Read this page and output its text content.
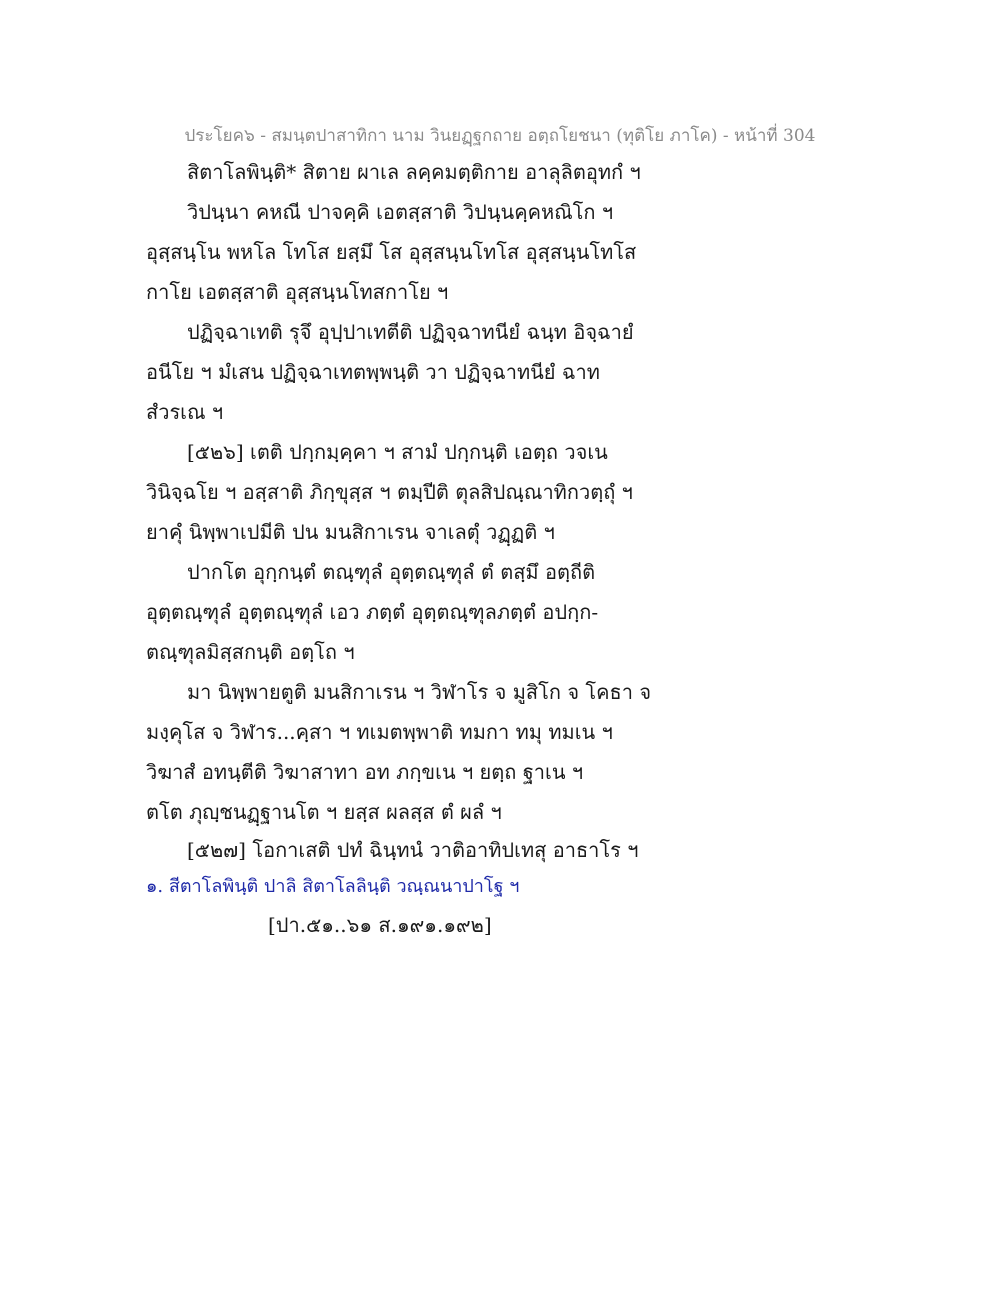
ประโยค๖ - สมนฺตปาสาทิกา นาม วินยฏฺฐกถาย อตฺถโยชนา (ทุติโย ภาโค) - หน้าที่ 304
สิตาโลพินฺติ* สิตาย ผาเล ลคฺคมตฺติกาย อาลุลิตอุทกํ ฯ
วิปนฺนา คหณี ปาจคฺคิ เอตสฺสาติ วิปนฺนคฺคหณิโก ฯ
อุสฺสนฺโน พหโล โทโส ยสฺมึ โส อุสฺสนฺนโทโส อุสฺสนฺนโทโส
กาโย เอตสฺสาติ อุสฺสนฺนโทสกาโย ฯ
ปฏิจฺฉาเทติ รุจึ อุปฺปาเทตีติ ปฏิจฺฉาทนียํ ฉนฺท อิจฺฉายํ
อนีโย ฯ มํเสน ปฏิจฺฉาเทตพฺพนฺติ วา ปฏิจฺฉาทนียํ ฉาท
สํวรเณ ฯ
[๕๒๖] เตติ ปกฺกมฺคฺคา ฯ สามํ ปกฺกนฺติ เอตฺถ วจเน
วินิจฺฉโย ฯ อสฺสาติ ภิกฺขุสฺส ฯ ตมฺปีติ ตุลสิปณฺณาทิกวตฺถุํ ฯ
ยาคุํ นิพฺพาเปมีติ ปน มนสิกาเรน จาเลตุํ วฏฺฏติ ฯ
ปากโต อุกฺกนฺตํ ตณฺฑุลํ อุตฺตณฺฑุลํ ตํ ตสฺมึ อตฺถีติ
อุตฺตณฺฑุลํ อุตฺตณฺฑุลํ เอว ภตฺตํ อุตฺตณฺฑุลภตฺตํ อปกฺก-
ตณฺฑุลมิสฺสกนฺติ อตฺโถ ฯ
มา นิพฺพายตูติ มนสิกาเรน ฯ วิฬาโร จ มูสิโก จ โคธา จ
มงฺคุโส จ วิฬาร...คฺสา ฯ ทเมตพฺพาติ ทมกา ทมุ ทมเน ฯ
วิฆาสํ อทนฺตีติ วิฆาสาทา อท ภกฺขเน ฯ ยตฺถ ฐาเน ฯ
ตโต ภุญฺชนฏฺฐานโต ฯ ยสฺส ผลสฺส ตํ ผลํ ฯ
[๕๒๗] โอกาเสติ ปทํ ฉินฺทนํ วาติอาทิปเทสุ อาธาโร ฯ
๑. สีตาโลพินฺติ ปาลิ สิตาโลลินฺติ วณฺณนาปาโฐ ฯ
[ปา.๕๑..๖๑ ส.๑๙๑.๑๙๒]
